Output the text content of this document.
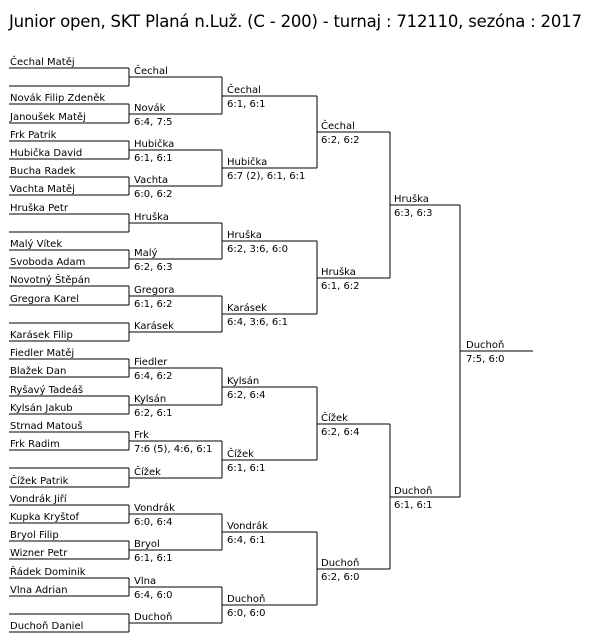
Junior open, SKT Planá n.Luž. (C - 200) - turnaj : 712110, sezóna : 2017
Čechal Matěj
Novák Filip Zdeněk
Janoušek Matěj
Frk Patrik
Hubička David
Bucha Radek
Vachta Matěj
Hruška Petr
Malý Vítek
Svoboda Adam
Novotný Štěpán
Gregora Karel
Karásek Filip
Fiedler Matěj
Blažek Dan
Ryšavý Tadeáš
Kylsán Jakub
Strnad Matouš
Frk Radim
Čížek Patrik
Vondrák Jiří
Kupka Kryštof
Bryol Filip
Wizner Petr
Řádek Dominik
Vlna Adrian
Duchoň Daniel
Čechal
Novák
6:4, 7:5
Hubička
6:1, 6:1
Vachta
6:0, 6:2
Hruška
Malý
6:2, 6:3
Gregora
6:1, 6:2
Karásek
Fiedler
6:4, 6:2
Kylsán
6:2, 6:1
Frk
7:6 (5), 4:6, 6:1
Čížek
Vondrák
6:0, 6:4
Bryol
6:1, 6:1
Vlna
6:4, 6:0
Duchoň
Čechal
6:1, 6:1
Hubička
6:7 (2), 6:1, 6:1
Hruška
6:2, 3:6, 6:0
Karásek
6:4, 3:6, 6:1
Kylsán
6:2, 6:4
Čížek
6:1, 6:1
Vondrák
6:4, 6:1
Duchoň
6:0, 6:0
Čechal
6:2, 6:2
Hruška
6:1, 6:2
Čížek
6:2, 6:4
Duchoň
6:2, 6:0
Hruška
6:3, 6:3
Duchoň
6:1, 6:1
Duchoň
7:5, 6:0
